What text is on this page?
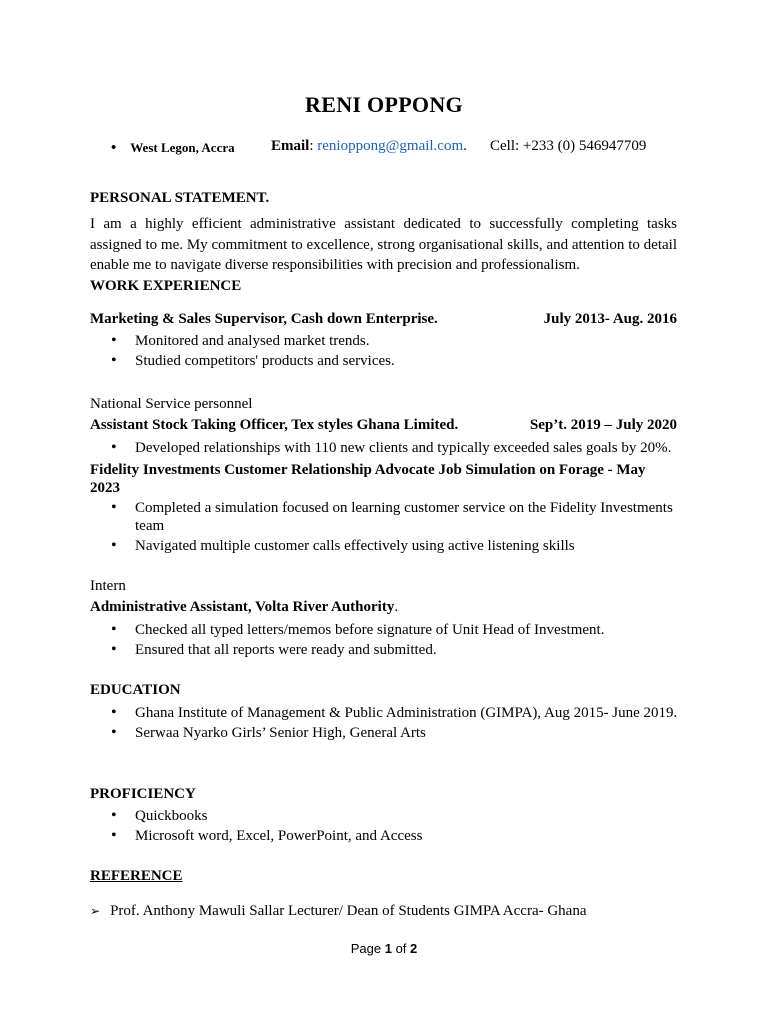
RENI OPPONG
• West Legon, Accra Email: renioppong@gmail.com. Cell: +233 (0) 546947709
PERSONAL STATEMENT.
I am a highly efficient administrative assistant dedicated to successfully completing tasks assigned to me. My commitment to excellence, strong organisational skills, and attention to detail enable me to navigate diverse responsibilities with precision and professionalism.
WORK EXPERIENCE
Marketing & Sales Supervisor, Cash down Enterprise.	July 2013- Aug. 2016
• Monitored and analysed market trends.
• Studied competitors' products and services.
National Service personnel
Assistant Stock Taking Officer, Tex styles Ghana Limited.	Sep’t. 2019 – July 2020
• Developed relationships with 110 new clients and typically exceeded sales goals by 20%.
Fidelity Investments Customer Relationship Advocate Job Simulation on Forage - May 2023
• Completed a simulation focused on learning customer service on the Fidelity Investments team
• Navigated multiple customer calls effectively using active listening skills
Intern
Administrative Assistant, Volta River Authority.
• Checked all typed letters/memos before signature of Unit Head of Investment.
• Ensured that all reports were ready and submitted.
EDUCATION
• Ghana Institute of Management & Public Administration (GIMPA), Aug 2015- June 2019.
• Serwaa Nyarko Girls’ Senior High, General Arts
PROFICIENCY
• Quickbooks
• Microsoft word, Excel, PowerPoint, and Access
REFERENCE
➢ Prof. Anthony Mawuli Sallar Lecturer/ Dean of Students GIMPA Accra- Ghana
Page 1 of 2
